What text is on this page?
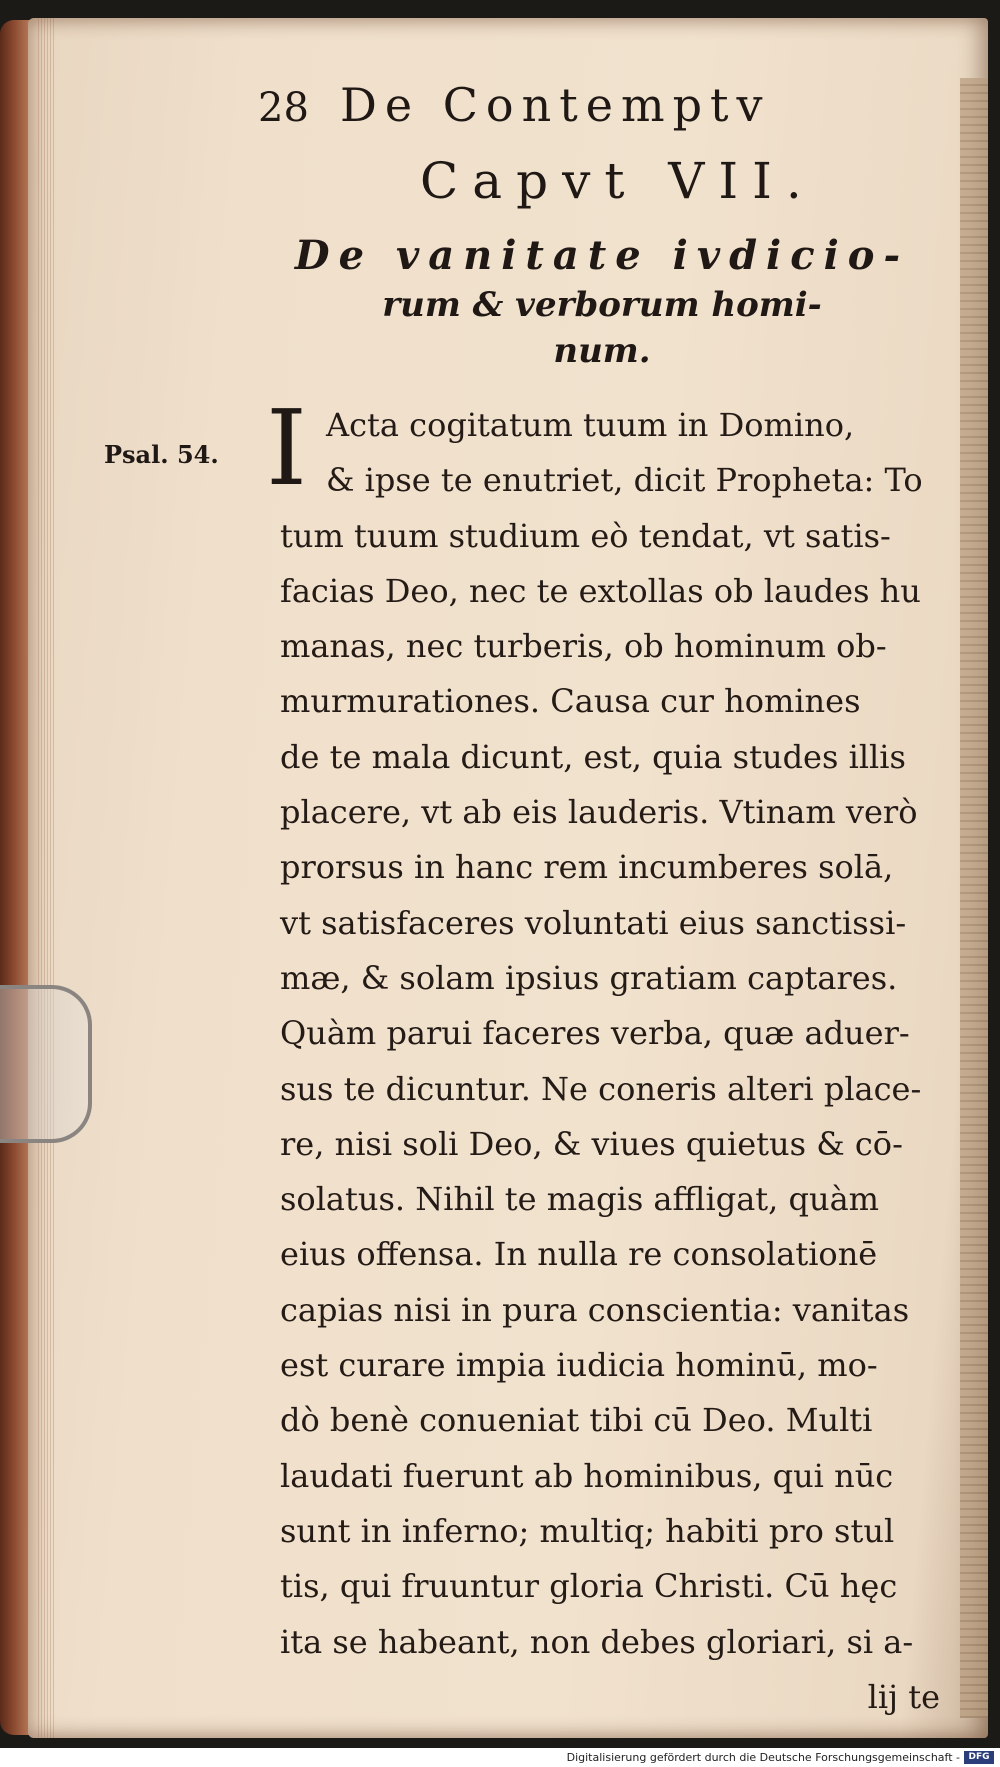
28 De Contemptv
Capvt VII.
De vanitate ivdicio-
rum & verborum homi-
num.
Psal. 54. I Acta cogitatum tuum in Domino,
& ipse te enutriet, dicit Propheta: To
tum tuum studium eò tendat, vt satis-
facias Deo, nec te extollas ob laudes hu
manas, nec turberis, ob hominum ob-
murmurationes. Causa cur homines
de te mala dicunt, est, quia studes illis
placere, vt ab eis lauderis. Vtinam verò
prorsus in hanc rem incumberes solā,
vt satisfaceres voluntati eius sanctissi-
mæ, & solam ipsius gratiam captares.
Quàm parui faceres verba, quæ aduer-
sus te dicuntur. Ne coneris alteri place-
re, nisi soli Deo, & viues quietus & cō-
solatus. Nihil te magis affligat, quàm
eius offensa. In nulla re consolationē
capias nisi in pura conscientia: vanitas
est curare impia iudicia hominū, mo-
dò benè conueniat tibi cū Deo. Multi
laudati fuerunt ab hominibus, qui nūc
sunt in inferno; multiq; habiti pro stul
tis, qui fruuntur gloria Christi. Cū hęc
ita se habeant, non debes gloriari, si a-
lij te
Digitalisierung gefördert durch die Deutsche Forschungsgemeinschaft - DFG
